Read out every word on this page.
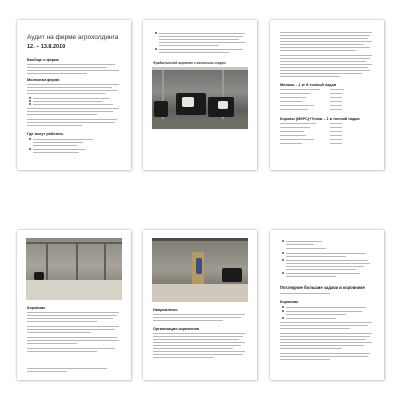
Аудит на ферме агрохолдинга
12. – 13.8.2019
Вообще о ферме
Молочная ферма
Где могут работать
Фрайштальний коровник с молочным стадом
Молоко – 1 кг й тонный надоя
Коровы (МКРС)+Телки – 1 в тонный надоя
Коровник	Напрямлены
Организация кормления
Последние большие задачи в коровнике
Коровник
